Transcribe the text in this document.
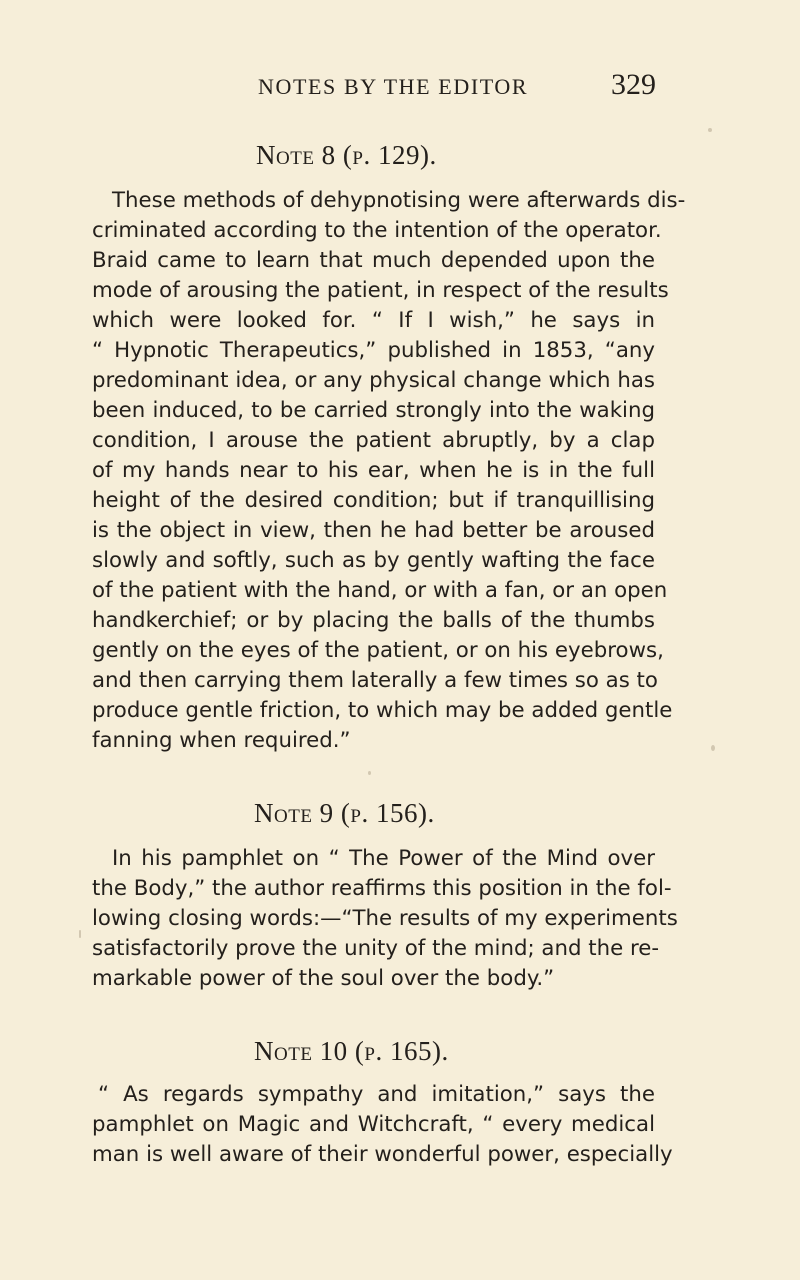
NOTES BY THE EDITOR	329
Note 8 (p. 129).
These methods of dehypnotising were afterwards dis-
criminated according to the intention of the operator.
Braid came to learn that much depended upon the
mode of arousing the patient, in respect of the results
which were looked for. “ If I wish,” he says in
“ Hypnotic Therapeutics,” published in 1853, “any
predominant idea, or any physical change which has
been induced, to be carried strongly into the waking
condition, I arouse the patient abruptly, by a clap
of my hands near to his ear, when he is in the full
height of the desired condition; but if tranquillising
is the object in view, then he had better be aroused
slowly and softly, such as by gently wafting the face
of the patient with the hand, or with a fan, or an open
handkerchief; or by placing the balls of the thumbs
gently on the eyes of the patient, or on his eyebrows,
and then carrying them laterally a few times so as to
produce gentle friction, to which may be added gentle
fanning when required.”
Note 9 (p. 156).
In his pamphlet on “ The Power of the Mind over
the Body,” the author reaffirms this position in the fol-
lowing closing words:—“The results of my experiments
satisfactorily prove the unity of the mind; and the re-
markable power of the soul over the body.”
Note 10 (p. 165).
“ As regards sympathy and imitation,” says the
pamphlet on Magic and Witchcraft, “ every medical
man is well aware of their wonderful power, especially
